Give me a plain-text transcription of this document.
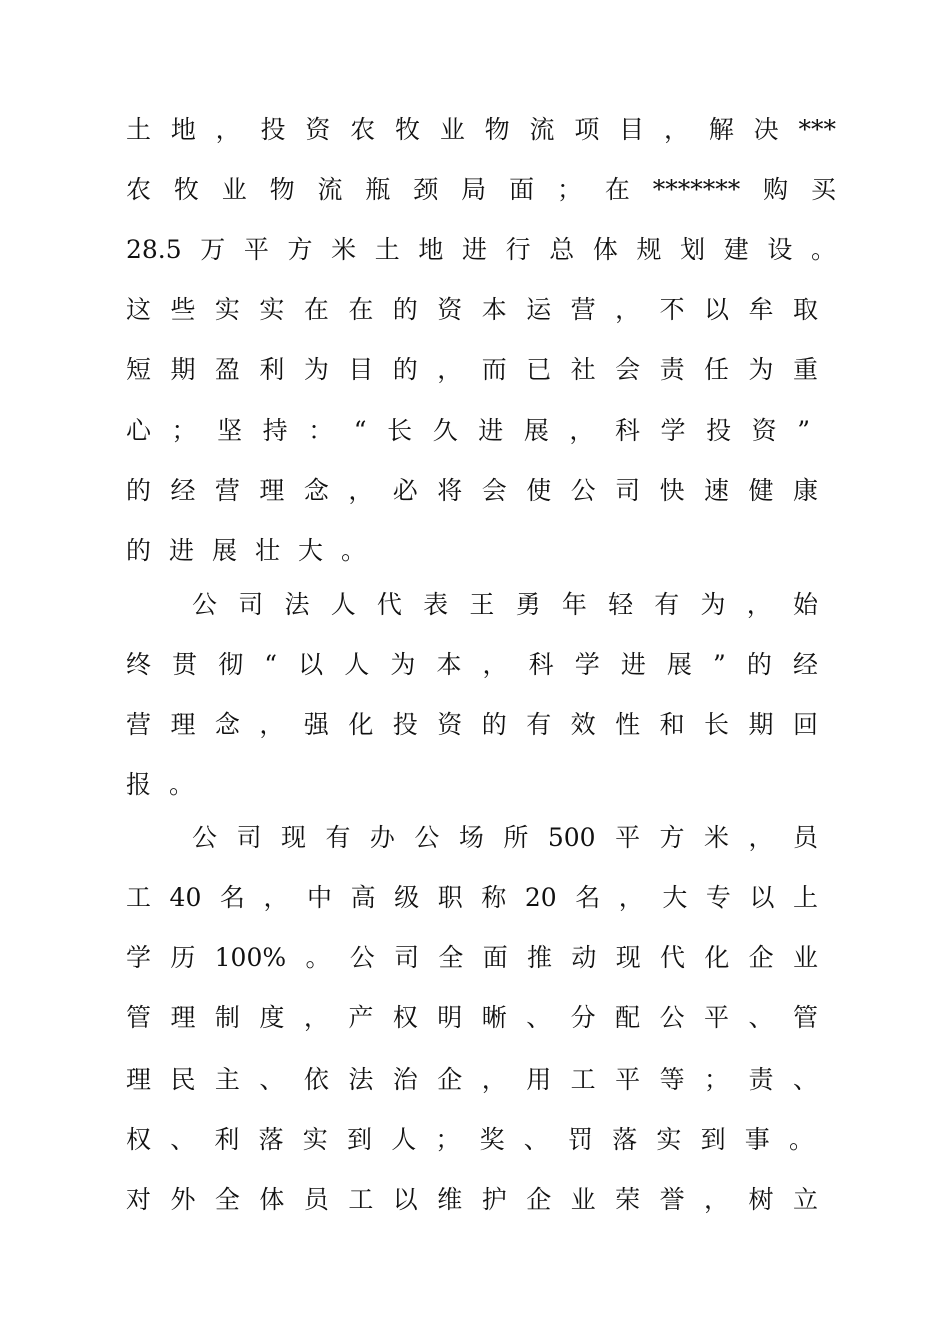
土地，投资农牧业物流项目，解决***
农牧业物流瓶颈局面；在*******购买
28.5万平方米土地进行总体规划建设。
这些实实在在的资本运营，不以牟取
短期盈利为目的，而已社会责任为重
心；坚持：“长久进展，科学投资”
的经营理念，必将会使公司快速健康
的进展壮大。
公司法人代表王勇年轻有为，始
终贯彻“以人为本，科学进展”的经
营理念，强化投资的有效性和长期回
报。
公司现有办公场所500平方米，员
工40名，中高级职称20名，大专以上
学历100%。公司全面推动现代化企业
管理制度，产权明晰、分配公平、管
理民主、依法治企，用工平等；责、
权、利落实到人；奖、罚落实到事。
对外全体员工以维护企业荣誉，树立
